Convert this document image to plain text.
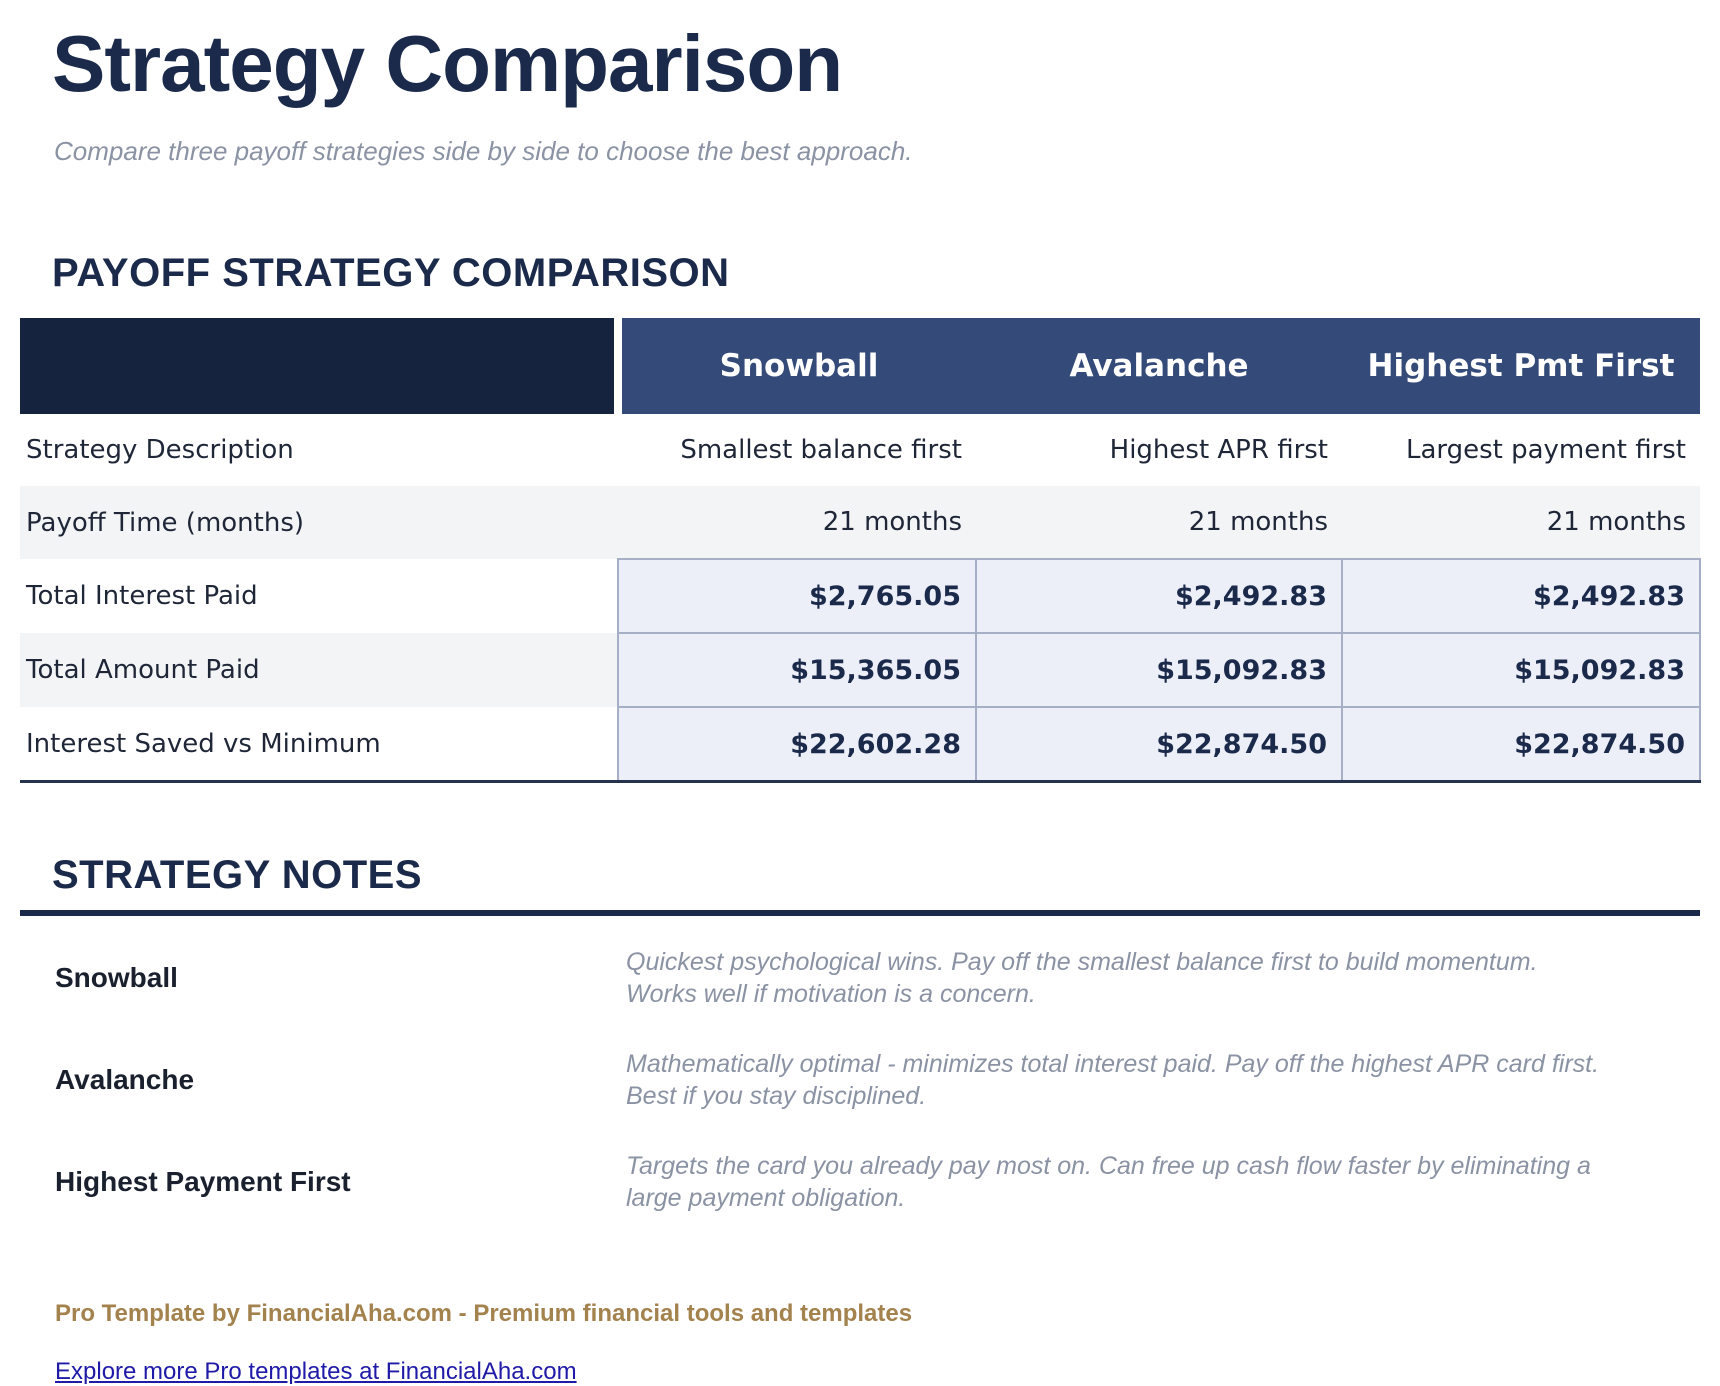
Strategy Comparison
Compare three payoff strategies side by side to choose the best approach.
PAYOFF STRATEGY COMPARISON
	Snowball	Avalanche	Highest Pmt First
Strategy Description	Smallest balance first	Highest APR first	Largest payment first
Payoff Time (months)	21 months	21 months	21 months
Total Interest Paid	$2,765.05	$2,492.83	$2,492.83
Total Amount Paid	$15,365.05	$15,092.83	$15,092.83
Interest Saved vs Minimum	$22,602.28	$22,874.50	$22,874.50
STRATEGY NOTES
Snowball
Quickest psychological wins. Pay off the smallest balance first to build momentum. Works well if motivation is a concern.
Avalanche
Mathematically optimal - minimizes total interest paid. Pay off the highest APR card first. Best if you stay disciplined.
Highest Payment First
Targets the card you already pay most on. Can free up cash flow faster by eliminating a large payment obligation.
Pro Template by FinancialAha.com - Premium financial tools and templates
Explore more Pro templates at FinancialAha.com
